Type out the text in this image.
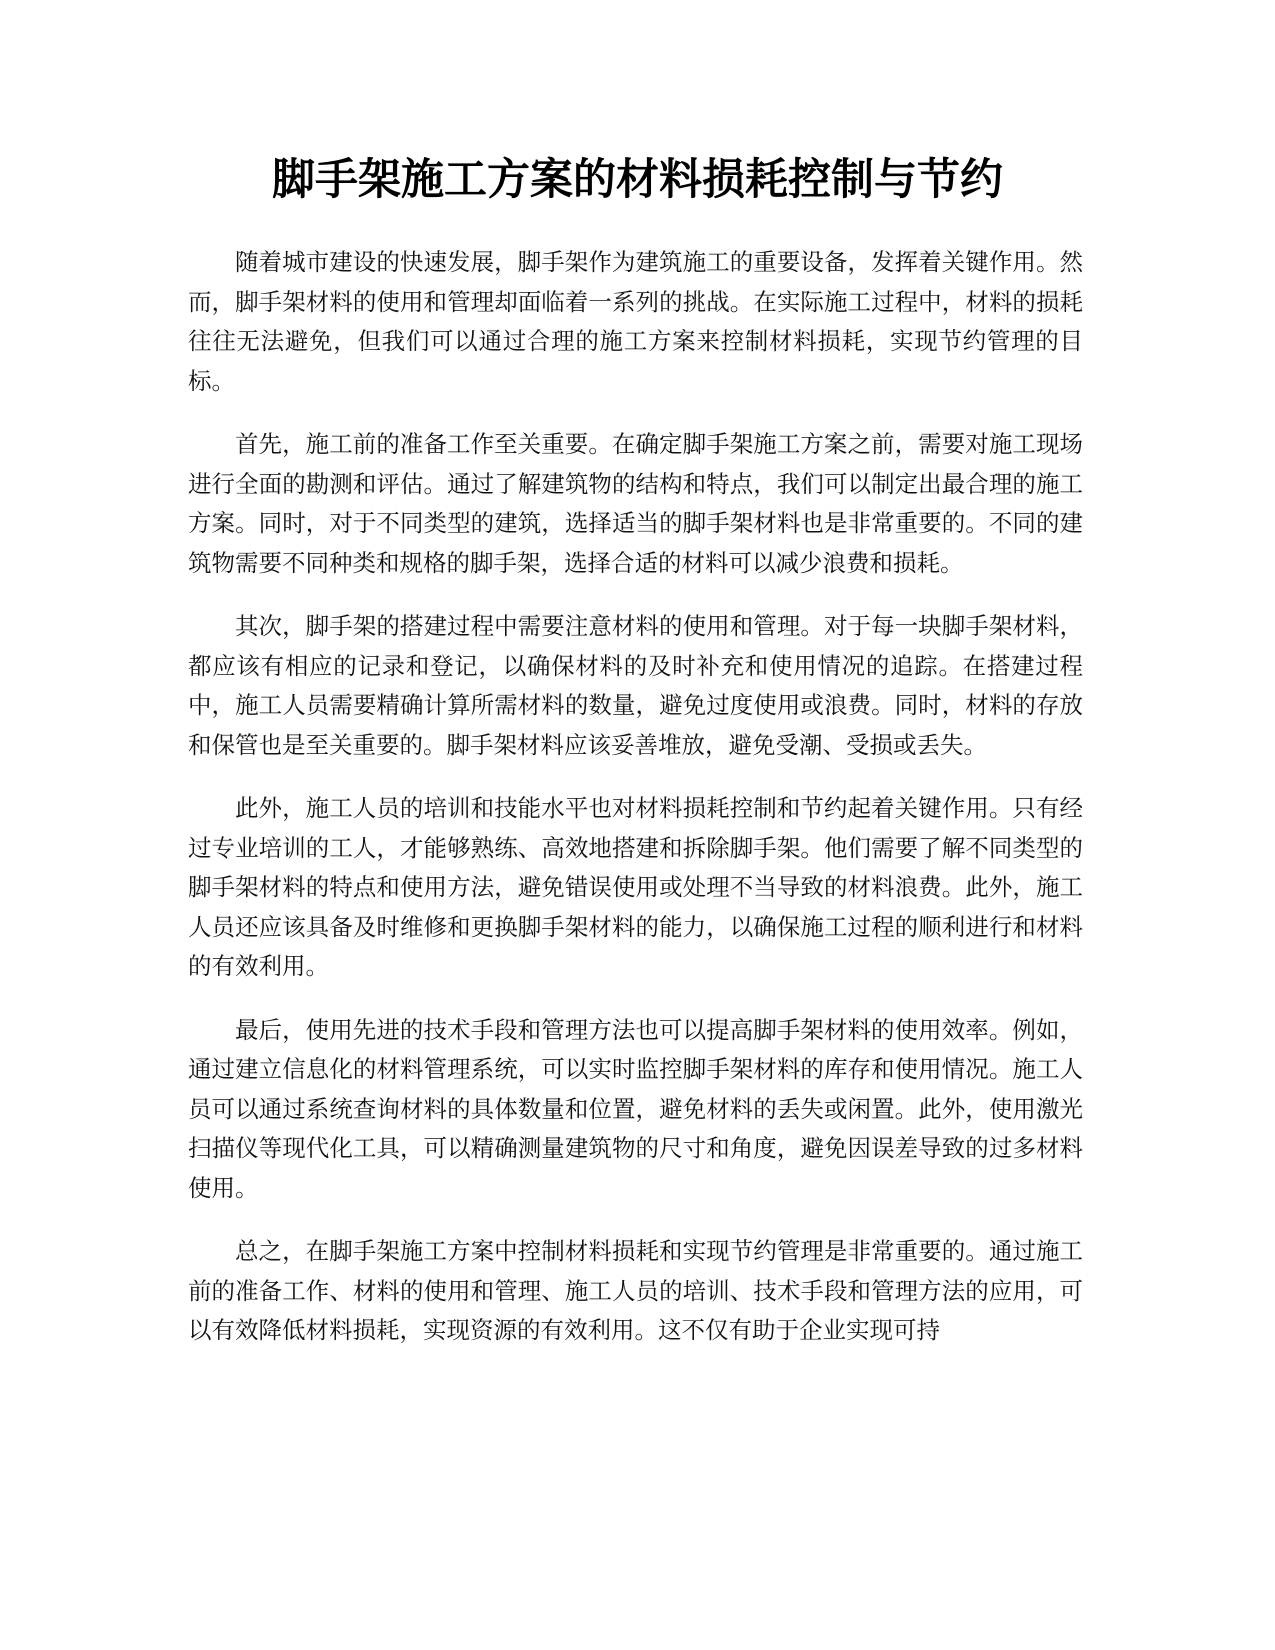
脚手架施工方案的材料损耗控制与节约

随着城市建设的快速发展，脚手架作为建筑施工的重要设备，发挥着关键作用。然而，脚手架材料的使用和管理却面临着一系列的挑战。在实际施工过程中，材料的损耗往往无法避免，但我们可以通过合理的施工方案来控制材料损耗，实现节约管理的目标。

首先，施工前的准备工作至关重要。在确定脚手架施工方案之前，需要对施工现场进行全面的勘测和评估。通过了解建筑物的结构和特点，我们可以制定出最合理的施工方案。同时，对于不同类型的建筑，选择适当的脚手架材料也是非常重要的。不同的建筑物需要不同种类和规格的脚手架，选择合适的材料可以减少浪费和损耗。

其次，脚手架的搭建过程中需要注意材料的使用和管理。对于每一块脚手架材料，都应该有相应的记录和登记，以确保材料的及时补充和使用情况的追踪。在搭建过程中，施工人员需要精确计算所需材料的数量，避免过度使用或浪费。同时，材料的存放和保管也是至关重要的。脚手架材料应该妥善堆放，避免受潮、受损或丢失。

此外，施工人员的培训和技能水平也对材料损耗控制和节约起着关键作用。只有经过专业培训的工人，才能够熟练、高效地搭建和拆除脚手架。他们需要了解不同类型的脚手架材料的特点和使用方法，避免错误使用或处理不当导致的材料浪费。此外，施工人员还应该具备及时维修和更换脚手架材料的能力，以确保施工过程的顺利进行和材料的有效利用。

最后，使用先进的技术手段和管理方法也可以提高脚手架材料的使用效率。例如，通过建立信息化的材料管理系统，可以实时监控脚手架材料的库存和使用情况。施工人员可以通过系统查询材料的具体数量和位置，避免材料的丢失或闲置。此外，使用激光扫描仪等现代化工具，可以精确测量建筑物的尺寸和角度，避免因误差导致的过多材料使用。

总之，在脚手架施工方案中控制材料损耗和实现节约管理是非常重要的。通过施工前的准备工作、材料的使用和管理、施工人员的培训、技术手段和管理方法的应用，可以有效降低材料损耗，实现资源的有效利用。这不仅有助于企业实现可持
